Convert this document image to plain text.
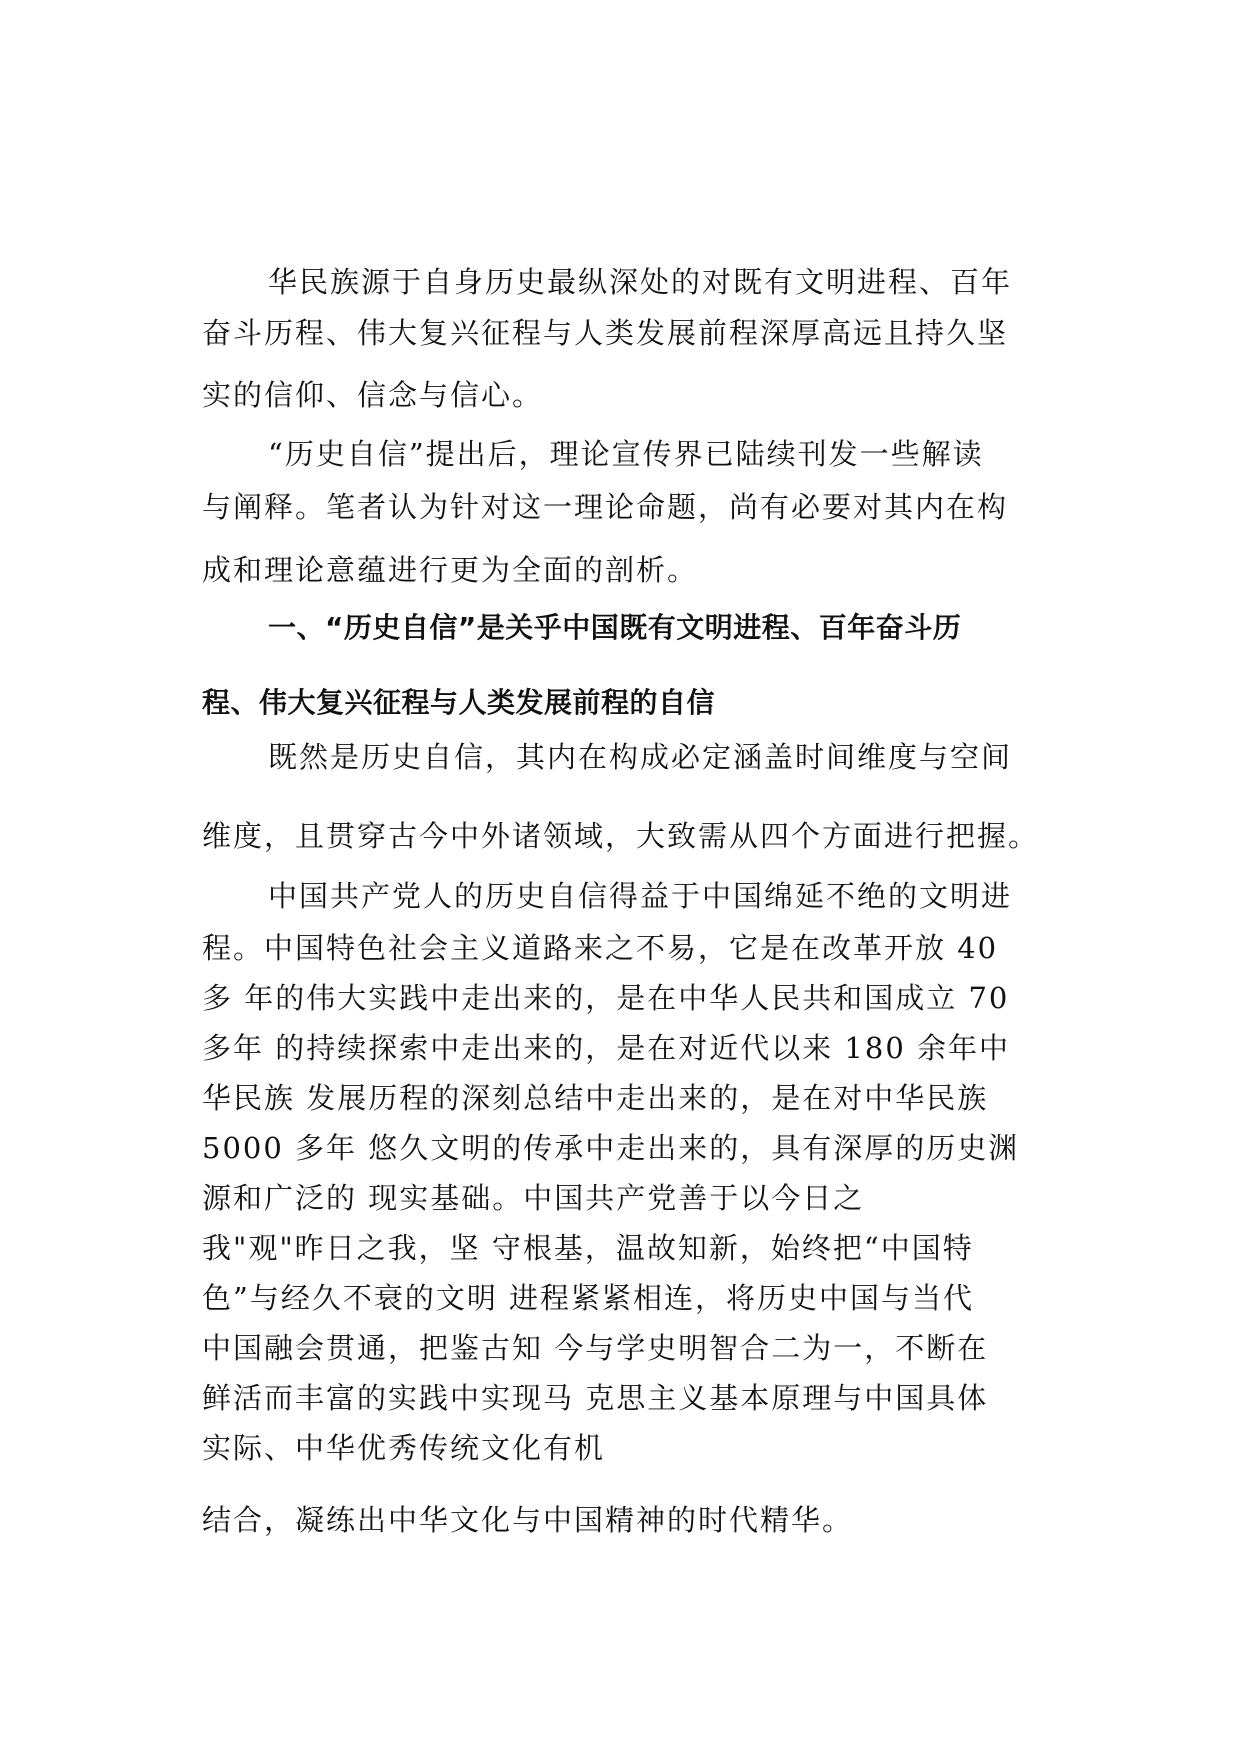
华民族源于自身历史最纵深处的对既有文明进程、百年
奋斗历程、伟大复兴征程与人类发展前程深厚高远且持久坚
实的信仰、信念与信心。
“历史自信”提出后，理论宣传界已陆续刊发一些解读
与阐释。笔者认为针对这一理论命题，尚有必要对其内在构
成和理论意蕴进行更为全面的剖析。
一、“历史自信”是关乎中国既有文明进程、百年奋斗历
程、伟大复兴征程与人类发展前程的自信
既然是历史自信，其内在构成必定涵盖时间维度与空间
维度，且贯穿古今中外诸领域，大致需从四个方面进行把握。
中国共产党人的历史自信得益于中国绵延不绝的文明进
程。中国特色社会主义道路来之不易，它是在改革开放 40
多 年的伟大实践中走出来的，是在中华人民共和国成立 70
多年 的持续探索中走出来的，是在对近代以来 180 余年中
华民族 发展历程的深刻总结中走出来的，是在对中华民族
5000 多年 悠久文明的传承中走出来的，具有深厚的历史渊
源和广泛的 现实基础。中国共产党善于以今日之
我"观"昨日之我，坚 守根基，温故知新，始终把“中国特
色”与经久不衰的文明 进程紧紧相连，将历史中国与当代
中国融会贯通，把鉴古知 今与学史明智合二为一，不断在
鲜活而丰富的实践中实现马 克思主义基本原理与中国具体
实际、中华优秀传统文化有机
结合，凝练出中华文化与中国精神的时代精华。
